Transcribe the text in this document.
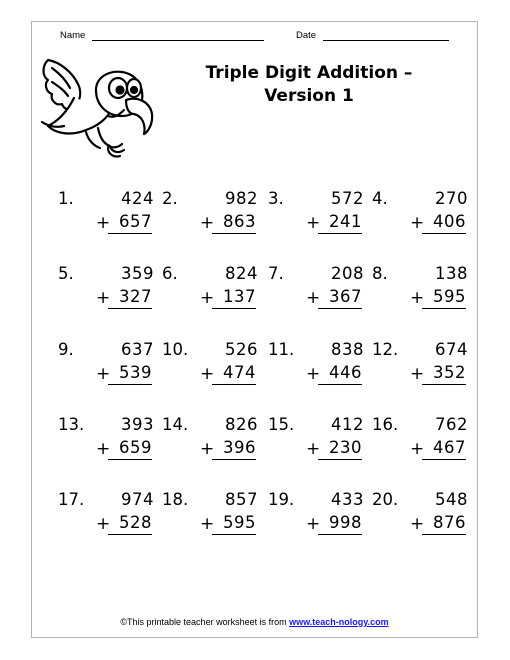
Name	Date
Triple Digit Addition –
Version 1
1.	424
+ 657
2.	982
+ 863
3.	572
+ 241
4.	270
+ 406
5.	359
+ 327
6.	824
+ 137
7.	208
+ 367
8.	138
+ 595
9.	637
+ 539
10. 526
+ 474
11. 838
+ 446
12. 674
+ 352
13. 393
+ 659
14. 826
+ 396
15. 412
+ 230
16. 762
+ 467
17. 974
+ 528
18. 857
+ 595
19. 433
+ 998
20. 548
+ 876
©This printable teacher worksheet is from www.teach-nology.com
